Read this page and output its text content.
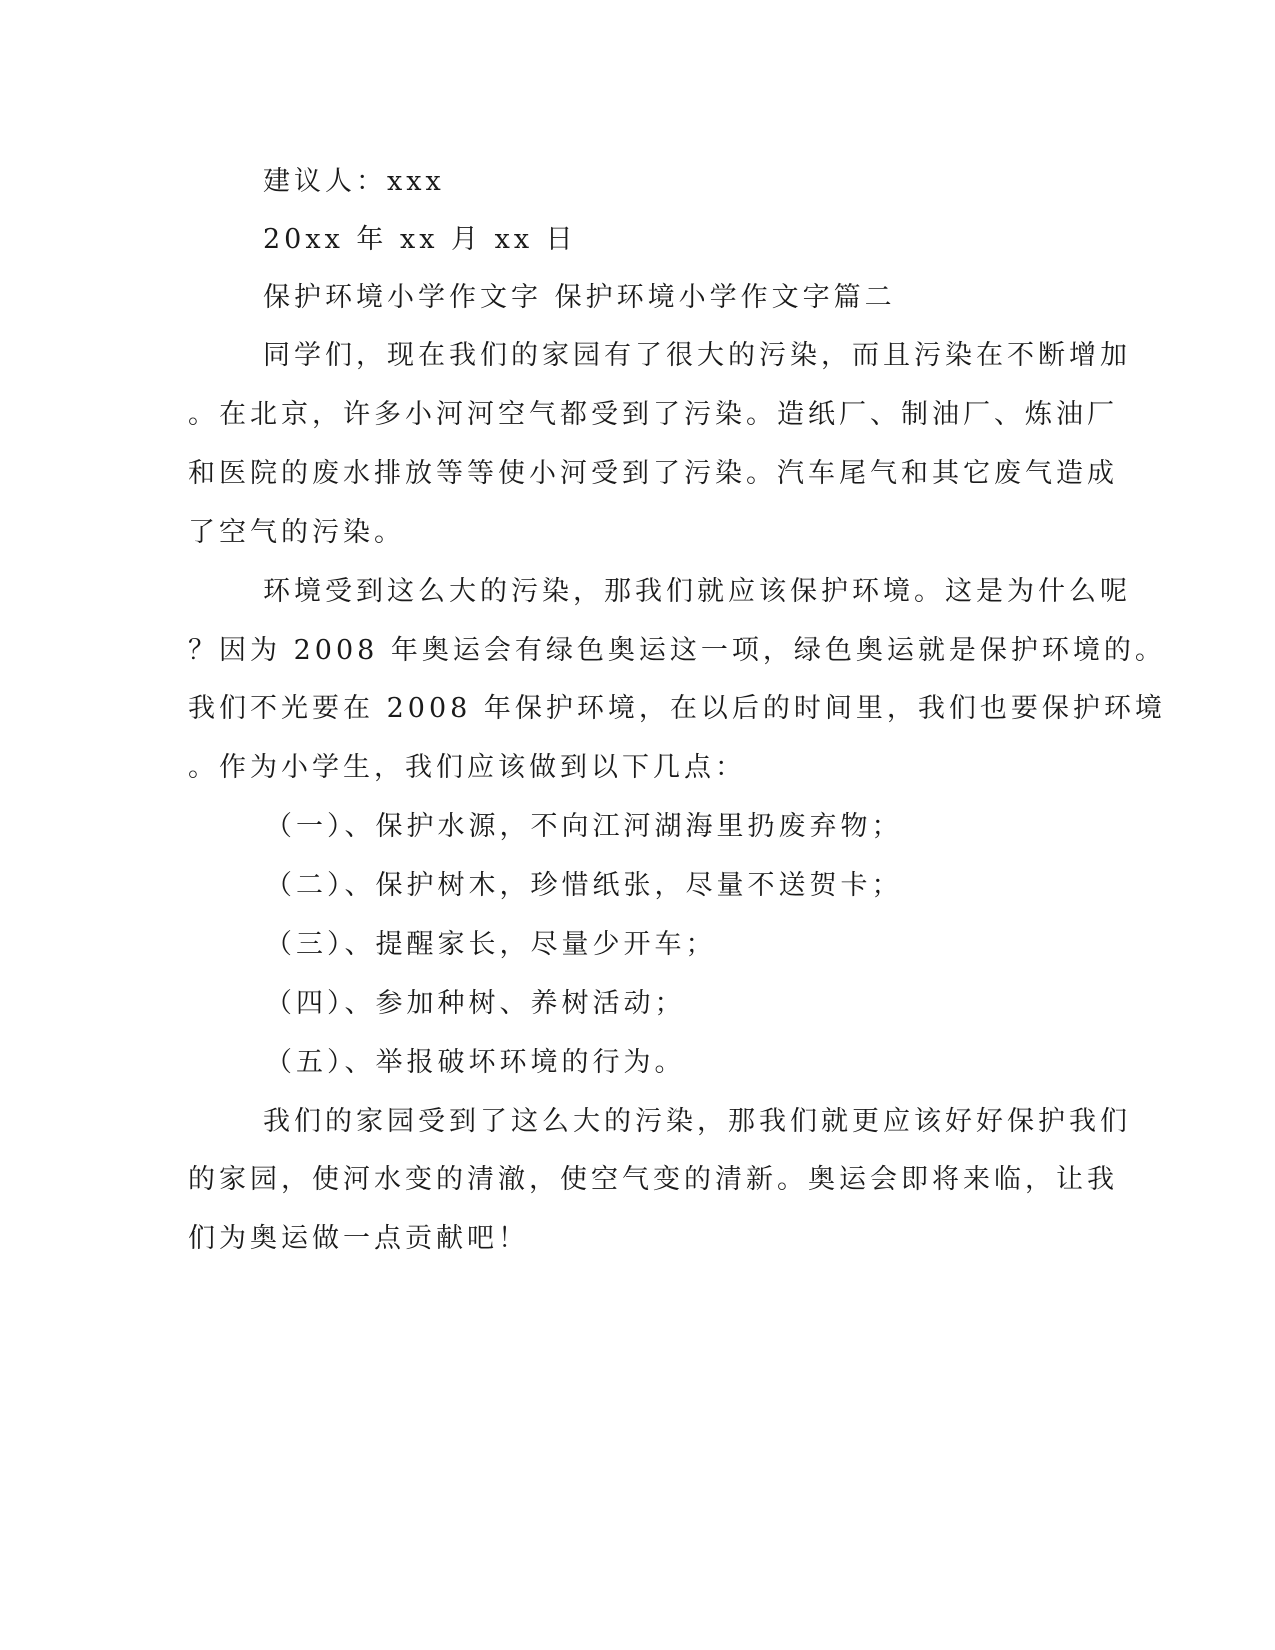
建议人：xxx
20xx 年 xx 月 xx 日
保护环境小学作文字 保护环境小学作文字篇二
同学们，现在我们的家园有了很大的污染，而且污染在不断增加
。在北京，许多小河河空气都受到了污染。造纸厂、制油厂、炼油厂
和医院的废水排放等等使小河受到了污染。汽车尾气和其它废气造成
了空气的污染。
环境受到这么大的污染，那我们就应该保护环境。这是为什么呢
？因为 2008 年奥运会有绿色奥运这一项，绿色奥运就是保护环境的。
我们不光要在 2008 年保护环境，在以后的时间里，我们也要保护环境
。作为小学生，我们应该做到以下几点：
（一）、保护水源，不向江河湖海里扔废弃物；
（二）、保护树木，珍惜纸张，尽量不送贺卡；
（三）、提醒家长，尽量少开车；
（四）、参加种树、养树活动；
（五）、举报破坏环境的行为。
我们的家园受到了这么大的污染，那我们就更应该好好保护我们
的家园，使河水变的清澈，使空气变的清新。奥运会即将来临，让我
们为奥运做一点贡献吧！
